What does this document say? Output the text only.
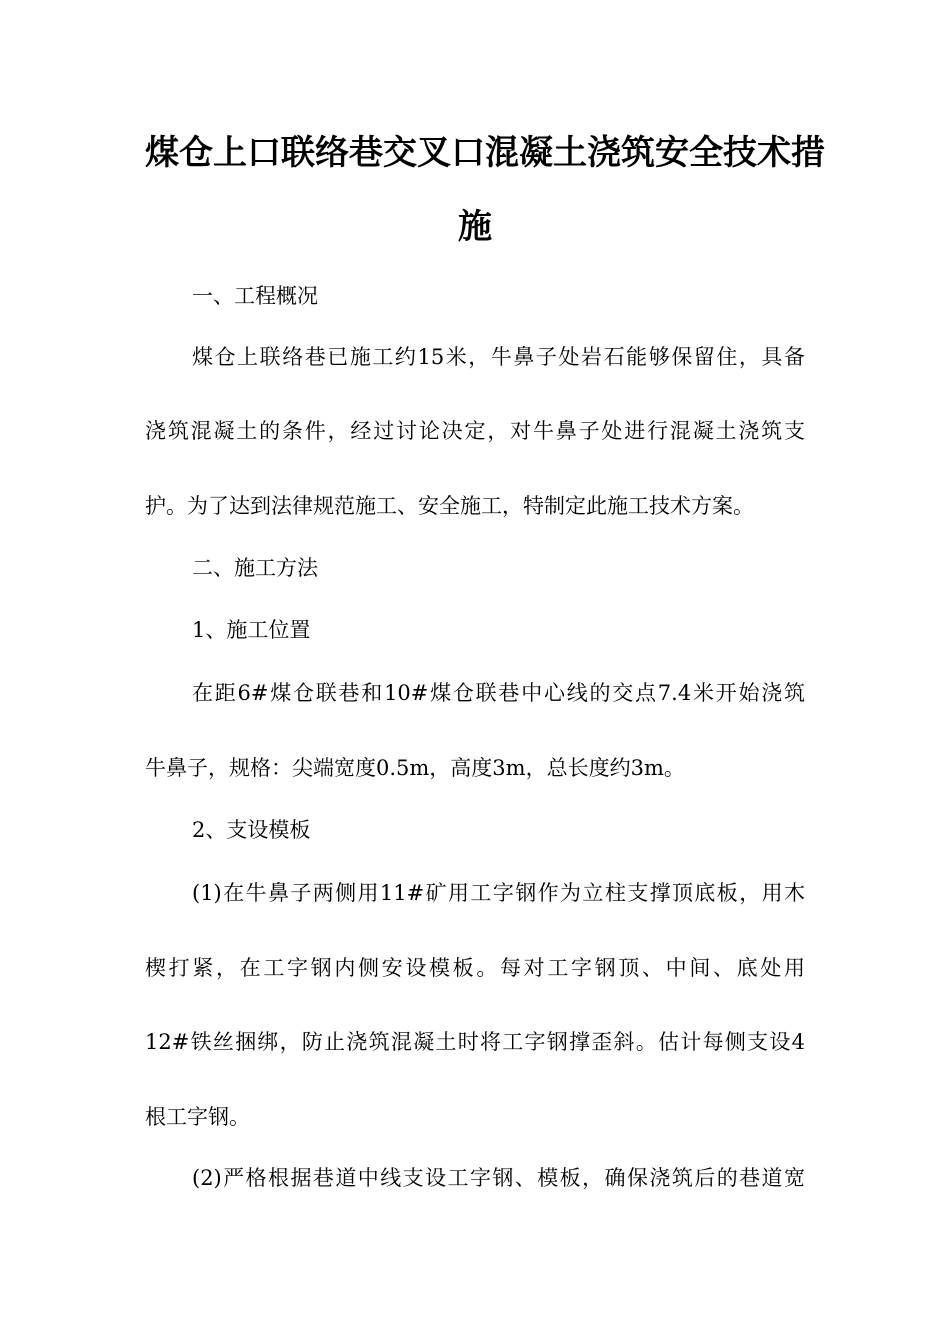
煤仓上口联络巷交叉口混凝土浇筑安全技术措
施
一、工程概况
煤仓上联络巷已施工约15米，牛鼻子处岩石能够保留住，具备
浇筑混凝土的条件，经过讨论决定，对牛鼻子处进行混凝土浇筑支
护。为了达到法律规范施工、安全施工，特制定此施工技术方案。
二、施工方法
1、施工位置
在距6#煤仓联巷和10#煤仓联巷中心线的交点7.4米开始浇筑
牛鼻子，规格：尖端宽度0.5m，高度3m，总长度约3m。
2、支设模板
(1)在牛鼻子两侧用11#矿用工字钢作为立柱支撑顶底板，用木
楔打紧，在工字钢内侧安设模板。每对工字钢顶、中间、底处用
12#铁丝捆绑，防止浇筑混凝土时将工字钢撑歪斜。估计每侧支设4
根工字钢。
(2)严格根据巷道中线支设工字钢、模板，确保浇筑后的巷道宽
